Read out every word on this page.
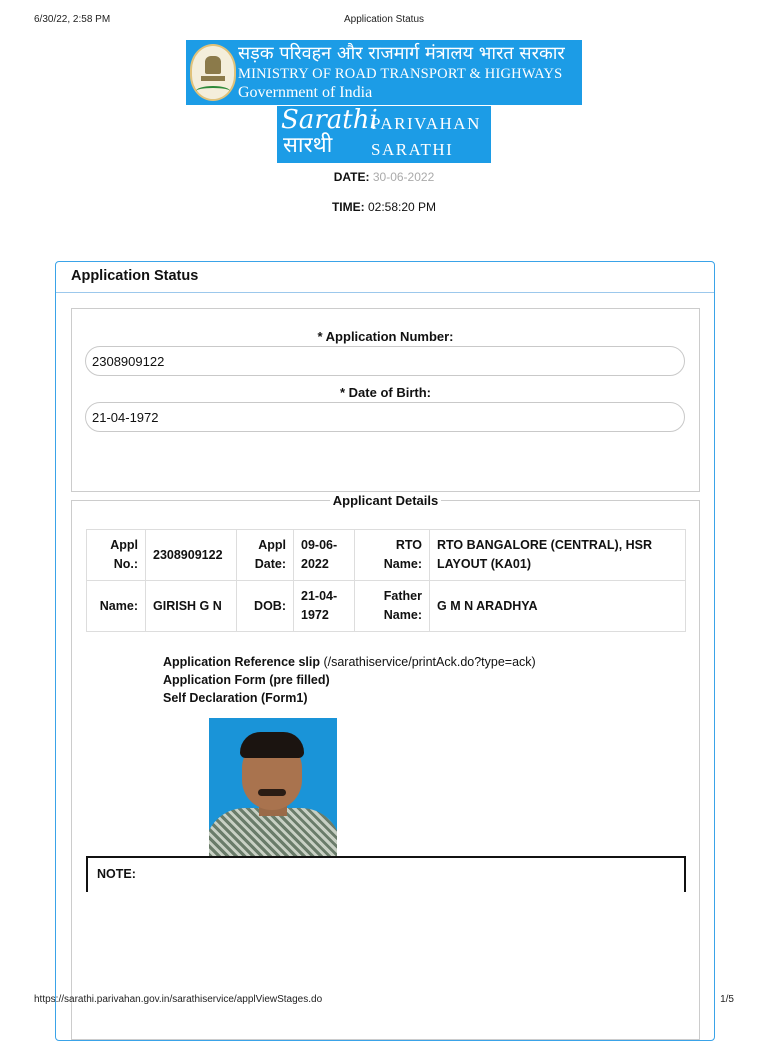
6/30/22, 2:58 PM	Application Status
सड़क परिवहन और राजमार्ग मंत्रालय भारत सरकार
MINISTRY OF ROAD TRANSPORT & HIGHWAYS
Government of India
Sarathi
सारथी
PARIVAHAN
SARATHI
DATE: 30-06-2022
TIME: 02:58:20 PM
Application Status
* Application Number:
2308909122
* Date of Birth:
21-04-1972
Applicant Details
Appl No.:	2308909122	Appl Date:	09-06-2022	RTO Name:	RTO BANGALORE (CENTRAL), HSR LAYOUT (KA01)
Name:	GIRISH G N	DOB:	21-04-1972	Father Name:	G M N ARADHYA
Application Reference slip (/sarathiservice/printAck.do?type=ack)
Application Form (pre filled)
Self Declaration (Form1)
NOTE:
https://sarathi.parivahan.gov.in/sarathiservice/applViewStages.do	1/5
